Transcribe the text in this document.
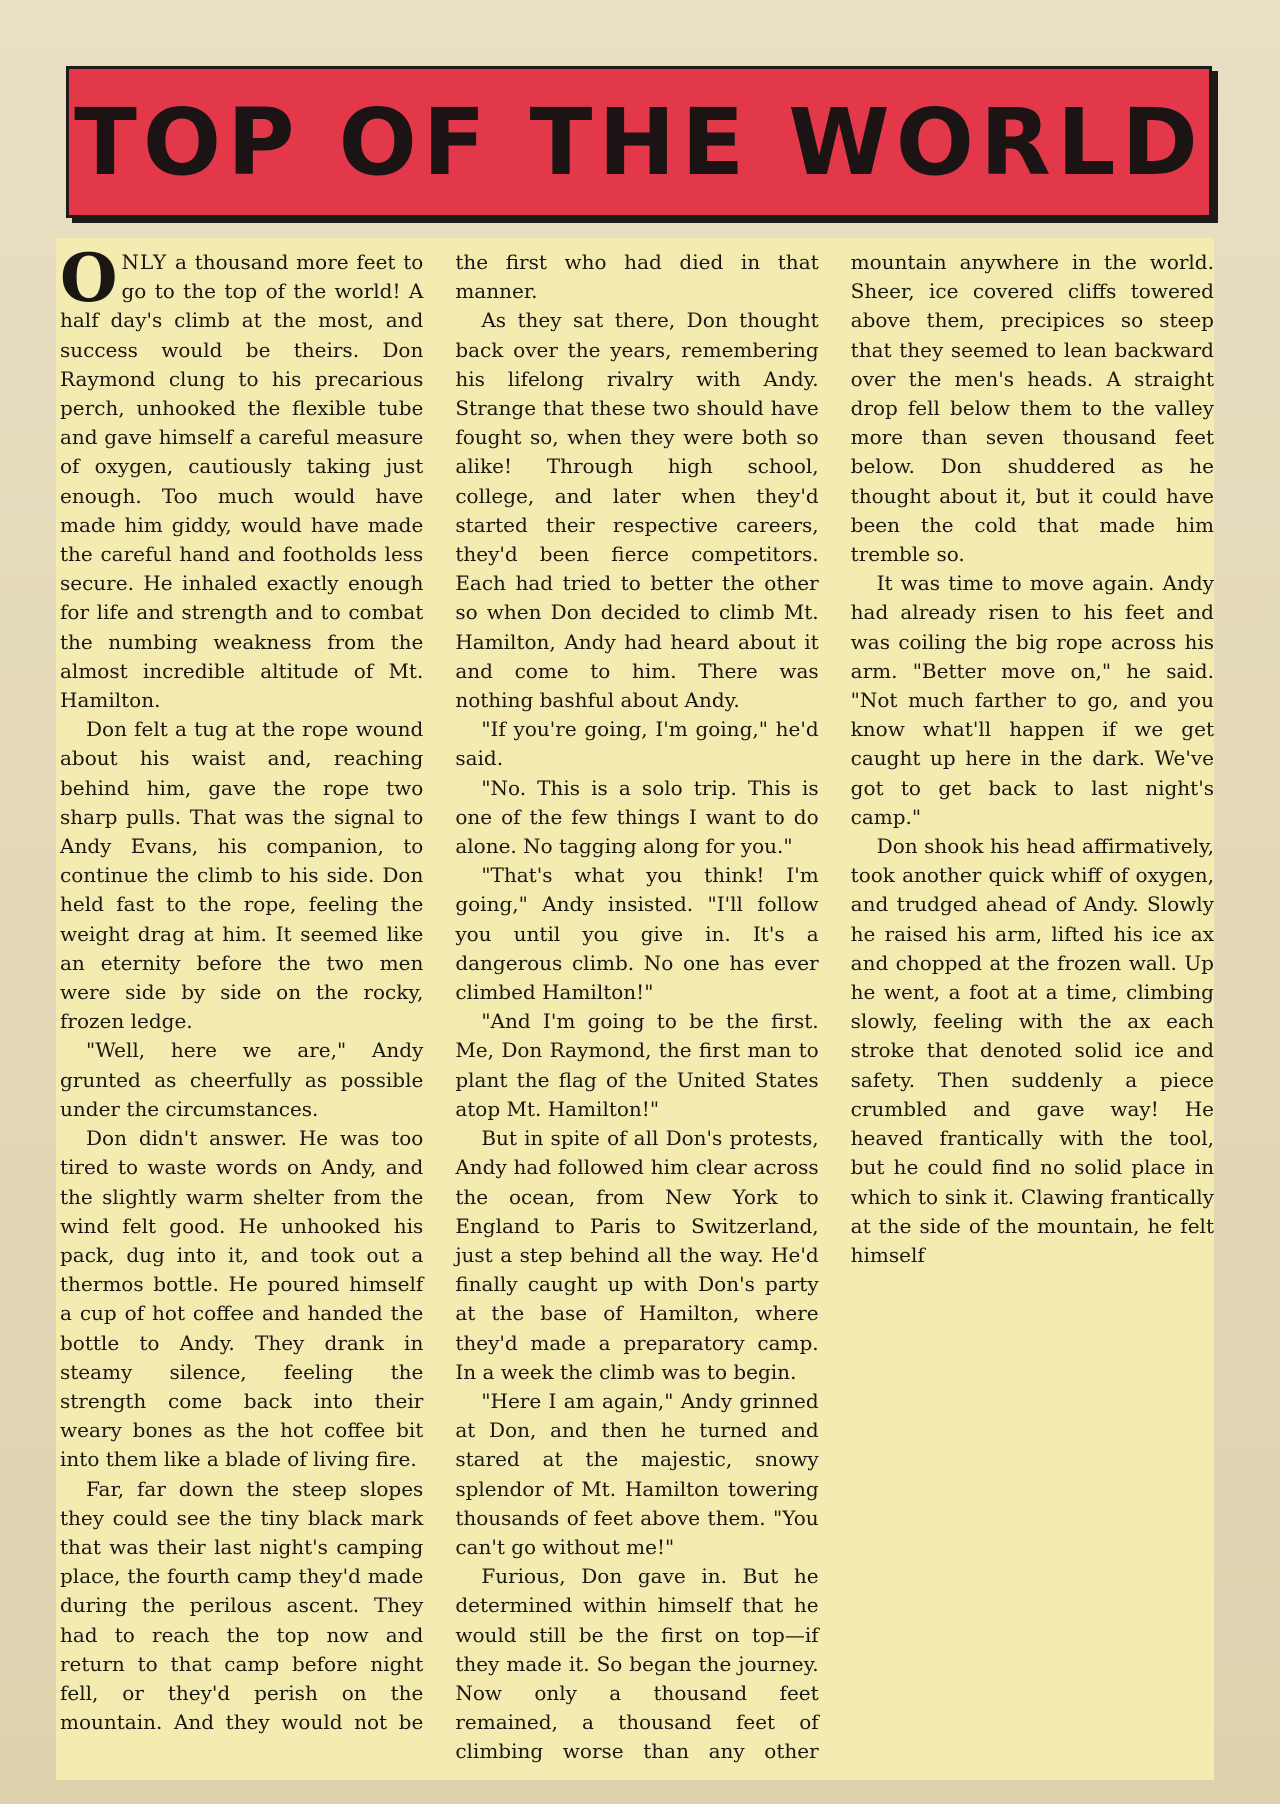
TOP OF THE WORLD

ONLY a thousand more feet to go to the top of the world! A half day's climb at the most, and success would be theirs. Don Raymond clung to his precarious perch, unhooked the flexible tube and gave himself a careful measure of oxygen, cautiously taking just enough. Too much would have made him giddy, would have made the careful hand and footholds less secure. He inhaled exactly enough for life and strength and to combat the numbing weakness from the almost incredible altitude of Mt. Hamilton.

Don felt a tug at the rope wound about his waist and, reaching behind him, gave the rope two sharp pulls. That was the signal to Andy Evans, his companion, to continue the climb to his side. Don held fast to the rope, feeling the weight drag at him. It seemed like an eternity before the two men were side by side on the rocky, frozen ledge.

"Well, here we are," Andy grunted as cheerfully as possible under the circumstances.

Don didn't answer. He was too tired to waste words on Andy, and the slightly warm shelter from the wind felt good. He unhooked his pack, dug into it, and took out a thermos bottle. He poured himself a cup of hot coffee and handed the bottle to Andy. They drank in steamy silence, feeling the strength come back into their weary bones as the hot coffee bit into them like a blade of living fire.

Far, far down the steep slopes they could see the tiny black mark that was their last night's camping place, the fourth camp they'd made during the perilous ascent. They had to reach the top now and return to that camp before night fell, or they'd perish on the mountain. And they would not be the first who had died in that manner.

As they sat there, Don thought back over the years, remembering his lifelong rivalry with Andy. Strange that these two should have fought so, when they were both so alike! Through high school, college, and later when they'd started their respective careers, they'd been fierce competitors. Each had tried to better the other so when Don decided to climb Mt. Hamilton, Andy had heard about it and come to him. There was nothing bashful about Andy.

"If you're going, I'm going," he'd said.

"No. This is a solo trip. This is one of the few things I want to do alone. No tagging along for you."

"That's what you think! I'm going," Andy insisted. "I'll follow you until you give in. It's a dangerous climb. No one has ever climbed Hamilton!"

"And I'm going to be the first. Me, Don Raymond, the first man to plant the flag of the United States atop Mt. Hamilton!"

But in spite of all Don's protests, Andy had followed him clear across the ocean, from New York to England to Paris to Switzerland, just a step behind all the way. He'd finally caught up with Don's party at the base of Hamilton, where they'd made a preparatory camp. In a week the climb was to begin.

"Here I am again," Andy grinned at Don, and then he turned and stared at the majestic, snowy splendor of Mt. Hamilton towering thousands of feet above them. "You can't go without me!"

Furious, Don gave in. But he determined within himself that he would still be the first on top—if they made it. So began the journey. Now only a thousand feet remained, a thousand feet of climbing worse than any other mountain anywhere in the world. Sheer, ice covered cliffs towered above them, precipices so steep that they seemed to lean backward over the men's heads. A straight drop fell below them to the valley more than seven thousand feet below. Don shuddered as he thought about it, but it could have been the cold that made him tremble so.

It was time to move again. Andy had already risen to his feet and was coiling the big rope across his arm. "Better move on," he said. "Not much farther to go, and you know what'll happen if we get caught up here in the dark. We've got to get back to last night's camp."

Don shook his head affirmatively, took another quick whiff of oxygen, and trudged ahead of Andy. Slowly he raised his arm, lifted his ice ax and chopped at the frozen wall. Up he went, a foot at a time, climbing slowly, feeling with the ax each stroke that denoted solid ice and safety. Then suddenly a piece crumbled and gave way! He heaved frantically with the tool, but he could find no solid place in which to sink it. Clawing frantically at the side of the mountain, he felt himself
